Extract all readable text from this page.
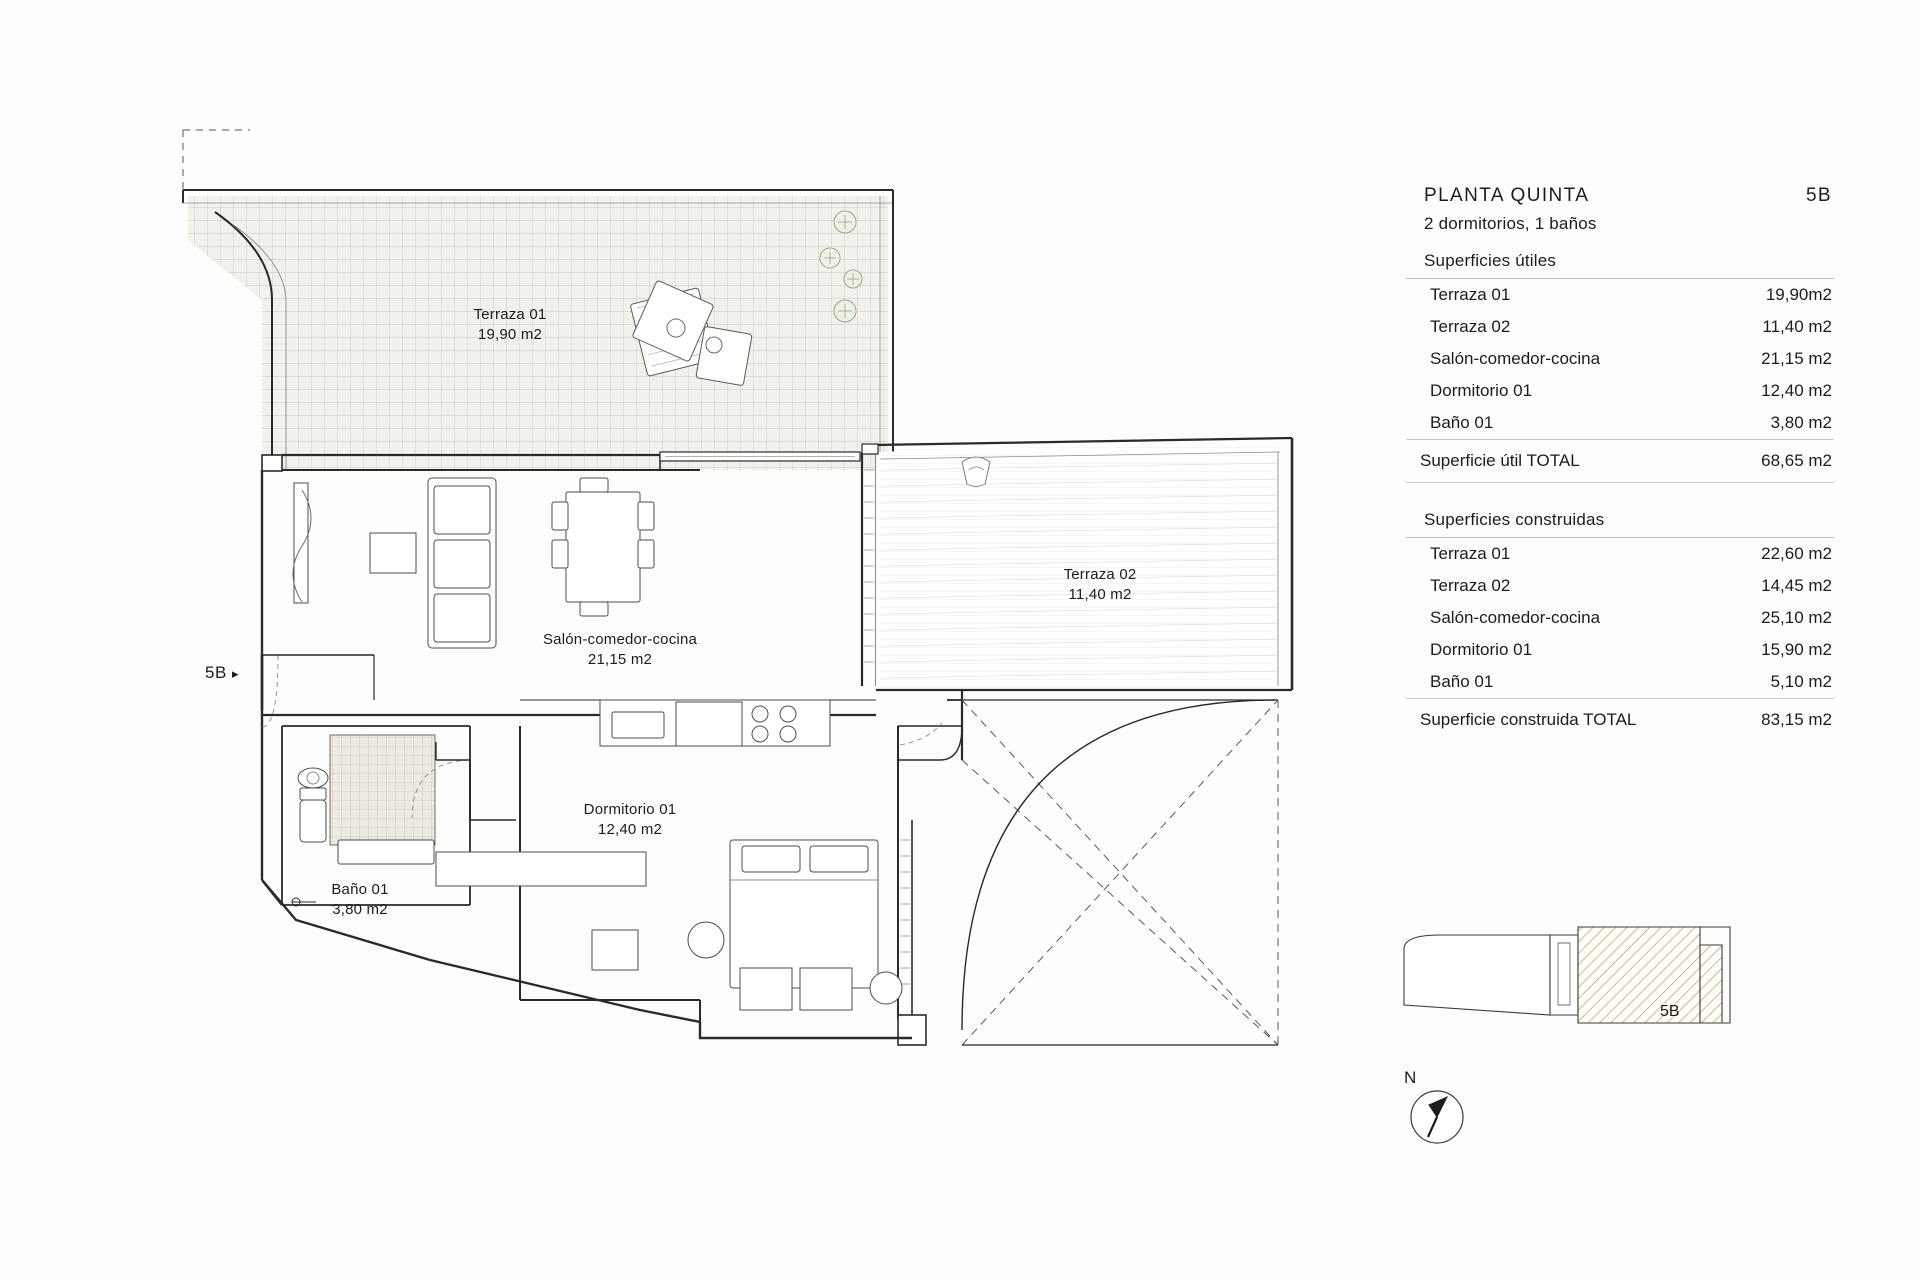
Terraza 01
19,90 m2
Terraza 02
11,40 m2
Salón-comedor-cocina
21,15 m2
Dormitorio 01
12,40 m2
Baño 01
3,80 m2
5B ▸
PLANTA QUINTA	5B
2 dormitorios, 1 baños
Superficies útiles
Terraza 01	19,90m2
Terraza 02	11,40 m2
Salón-comedor-cocina	21,15 m2
Dormitorio 01	12,40 m2
Baño 01	3,80 m2
Superficie útil TOTAL	68,65 m2
Superficies construidas
Terraza 01	22,60 m2
Terraza 02	14,45 m2
Salón-comedor-cocina	25,10 m2
Dormitorio 01	15,90 m2
Baño 01	5,10 m2
Superficie construida TOTAL	83,15 m2
5B
N
